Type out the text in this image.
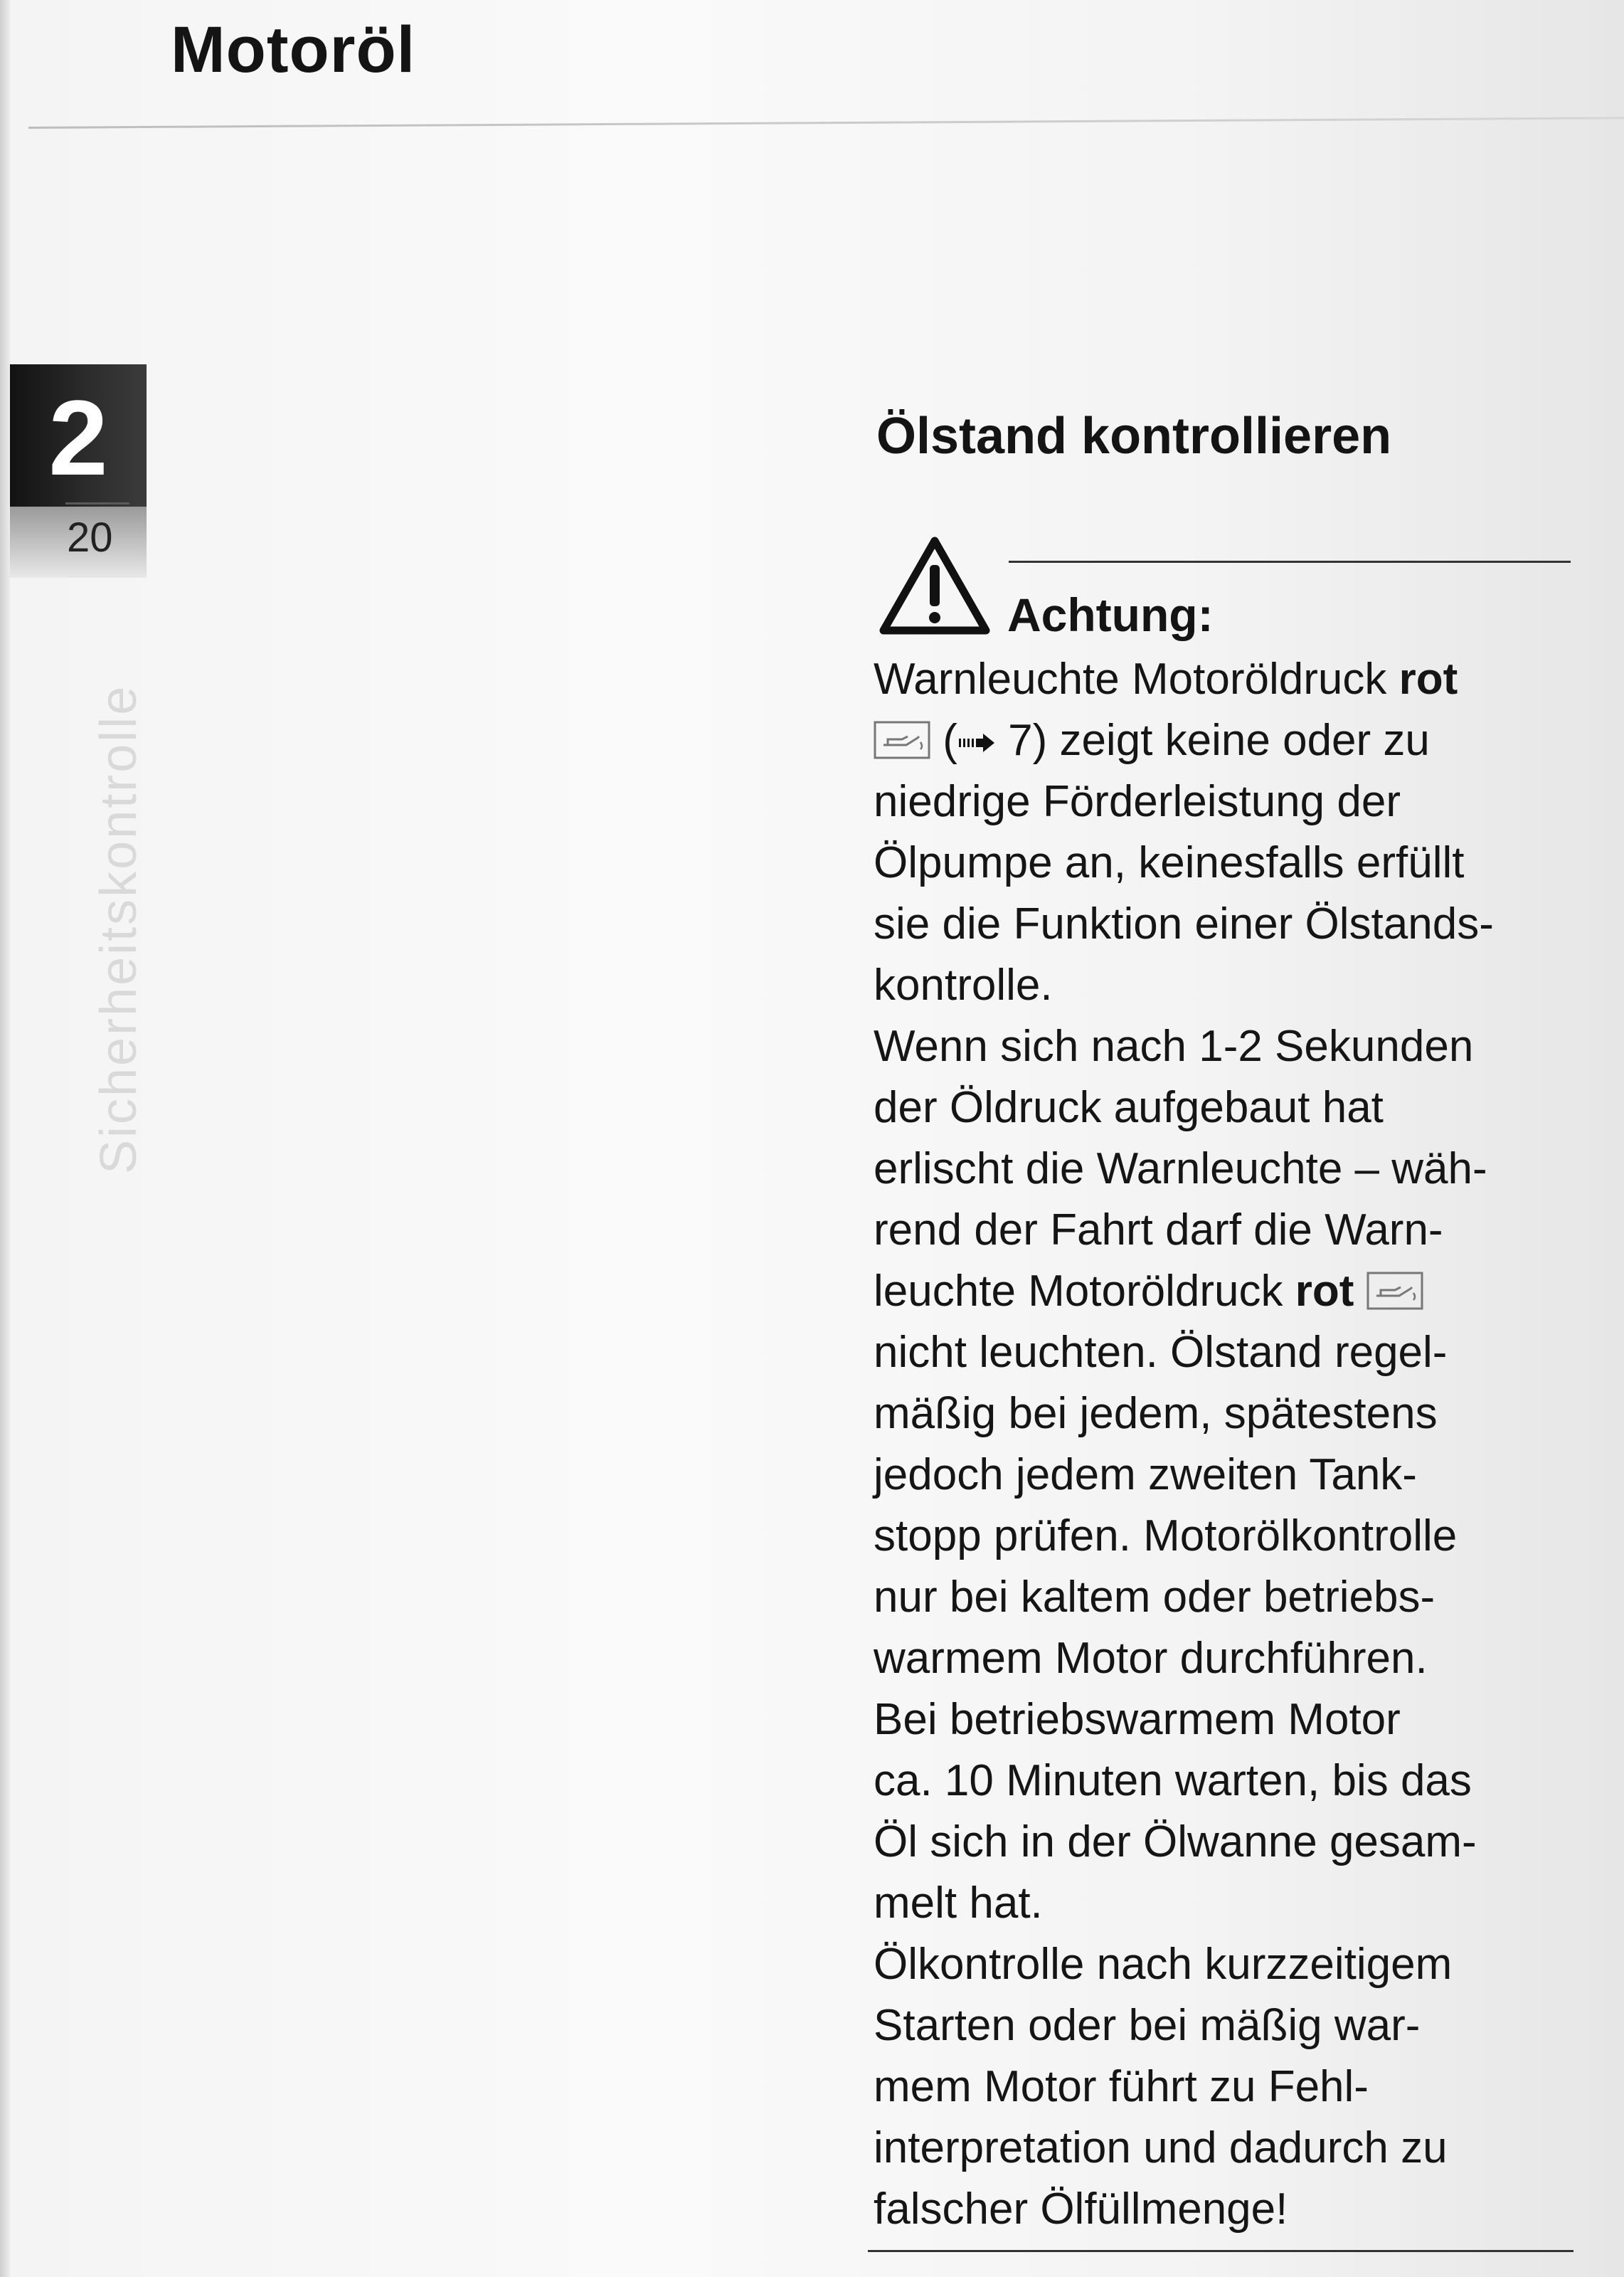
Motoröl
2
20
Sicherheitskontrolle
Ölstand kontrollieren
Achtung:
Warnleuchte Motoröldruck rot
( 7) zeigt keine oder zu
niedrige Förderleistung der
Ölpumpe an, keinesfalls erfüllt
sie die Funktion einer Ölstands-
kontrolle.
Wenn sich nach 1-2 Sekunden
der Öldruck aufgebaut hat
erlischt die Warnleuchte – wäh-
rend der Fahrt darf die Warn-
leuchte Motoröldruck rot
nicht leuchten. Ölstand regel-
mäßig bei jedem, spätestens
jedoch jedem zweiten Tank-
stopp prüfen. Motorölkontrolle
nur bei kaltem oder betriebs-
warmem Motor durchführen.
Bei betriebswarmem Motor
ca. 10 Minuten warten, bis das
Öl sich in der Ölwanne gesam-
melt hat.
Ölkontrolle nach kurzzeitigem
Starten oder bei mäßig war-
mem Motor führt zu Fehl-
interpretation und dadurch zu
falscher Ölfüllmenge!
